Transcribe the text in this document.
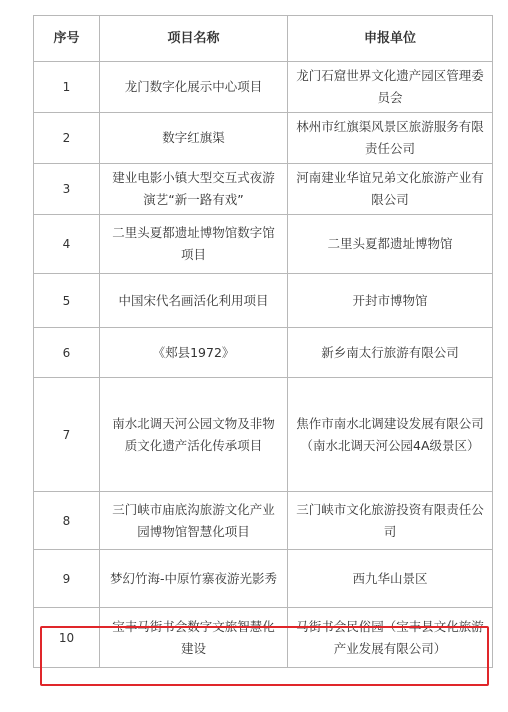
序号	项目名称	申报单位
1	龙门数字化展示中心项目	龙门石窟世界文化遗产园区管理委员会
2	数字红旗渠	林州市红旗渠风景区旅游服务有限责任公司
3	建业电影小镇大型交互式夜游演艺“新一路有戏”	河南建业华谊兄弟文化旅游产业有限公司
4	二里头夏都遗址博物馆数字馆项目	二里头夏都遗址博物馆
5	中国宋代名画活化利用项目	开封市博物馆
6	《郏县1972》	新乡南太行旅游有限公司
7	南水北调天河公园文物及非物质文化遗产活化传承项目	焦作市南水北调建设发展有限公司（南水北调天河公园4A级景区）
8	三门峡市庙底沟旅游文化产业园博物馆智慧化项目	三门峡市文化旅游投资有限责任公司
9	梦幻竹海-中原竹寨夜游光影秀	西九华山景区
10	宝丰马街书会数字文旅智慧化建设	马街书会民俗园（宝丰县文化旅游产业发展有限公司）
